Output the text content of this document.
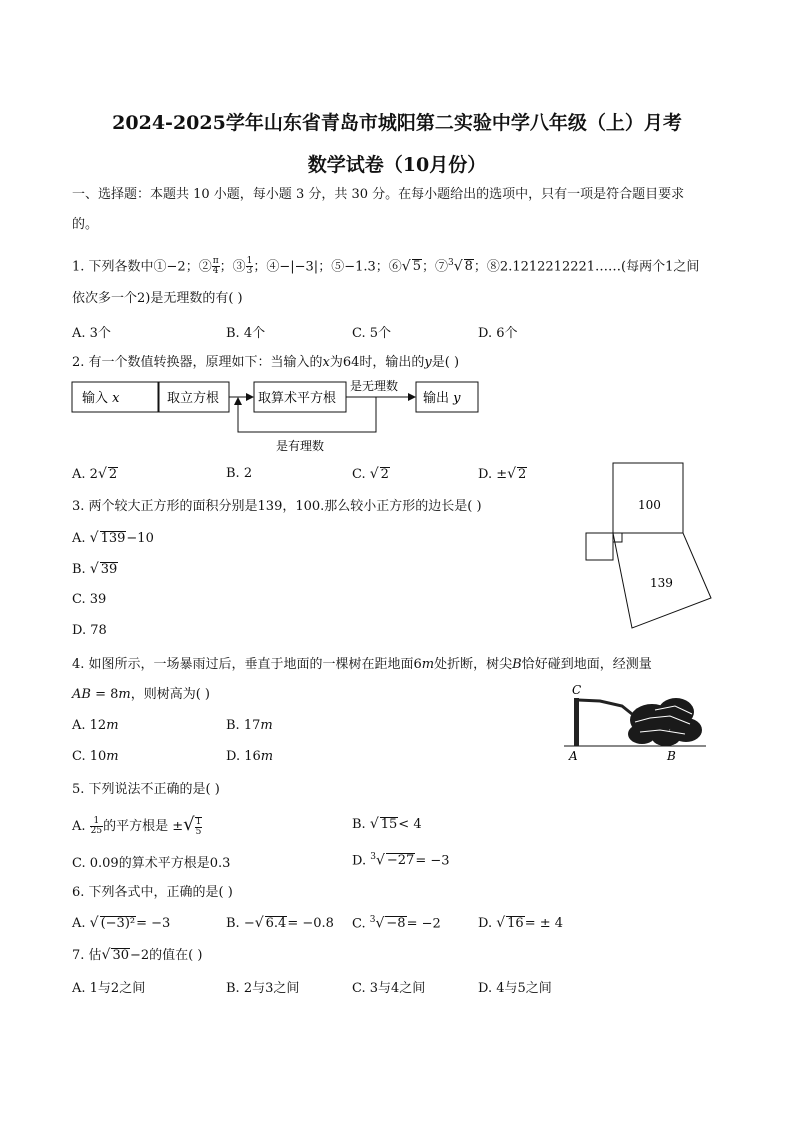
2024-2025学年山东省青岛市城阳第二实验中学八年级（上）月考
数学试卷（10月份）
一、选择题：本题共 10 小题，每小题 3 分，共 30 分。在每小题给出的选项中，只有一项是符合题目要求
的。
1. 下列各数中①−2；② $\frac{\pi}{4}$ ；③ $\frac{1}{3}$ ；④−|−3|；⑤−1.3；⑥√ 5；⑦$^3$√ 8；⑧2.1212212221……(每两个1之间
依次多一个2)是无理数的有( )
A. 3个	B. 4个	C. 5个	D. 6个
2. 有一个数值转换器，原理如下：当输入的𝑥为64时，输出的𝑦是( )
输入 𝑥	取立方根	取算术平方根	输出 𝑦
是无理数
是有理数
A. 2√ 2	B. 2	C. √ 2	D. ±√ 2
3. 两个较大正方形的面积分别是139，100.那么较小正方形的边长是( )
A. √ 139−10
B. √ 39
C. 39
D. 78
100
139
4. 如图所示，一场暴雨过后，垂直于地面的一棵树在距地面6𝑚处折断，树尖𝐵恰好碰到地面，经测量
𝐴𝐵 = 8𝑚，则树高为( )
A. 12𝑚	B. 17𝑚
C. 10𝑚	D. 16𝑚
𝐶
𝐴	𝐵
5. 下列说法不正确的是( )
A. $\frac{1}{25}$ 的平方根是 ±√ $\frac{1}{5}$	B. √ 15< 4
C. 0.09的算术平方根是0.3	D. $^3$√ −27= −3
6. 下列各式中，正确的是( )
A. √ (−3)²= −3	B. −√ 6.4= −0.8 C. $^3$√ −8= −2	D. √ 16= ± 4
7. 估√ 30−2的值在( )
A. 1与2之间	B. 2与3之间	C. 3与4之间	D. 4与5之间
